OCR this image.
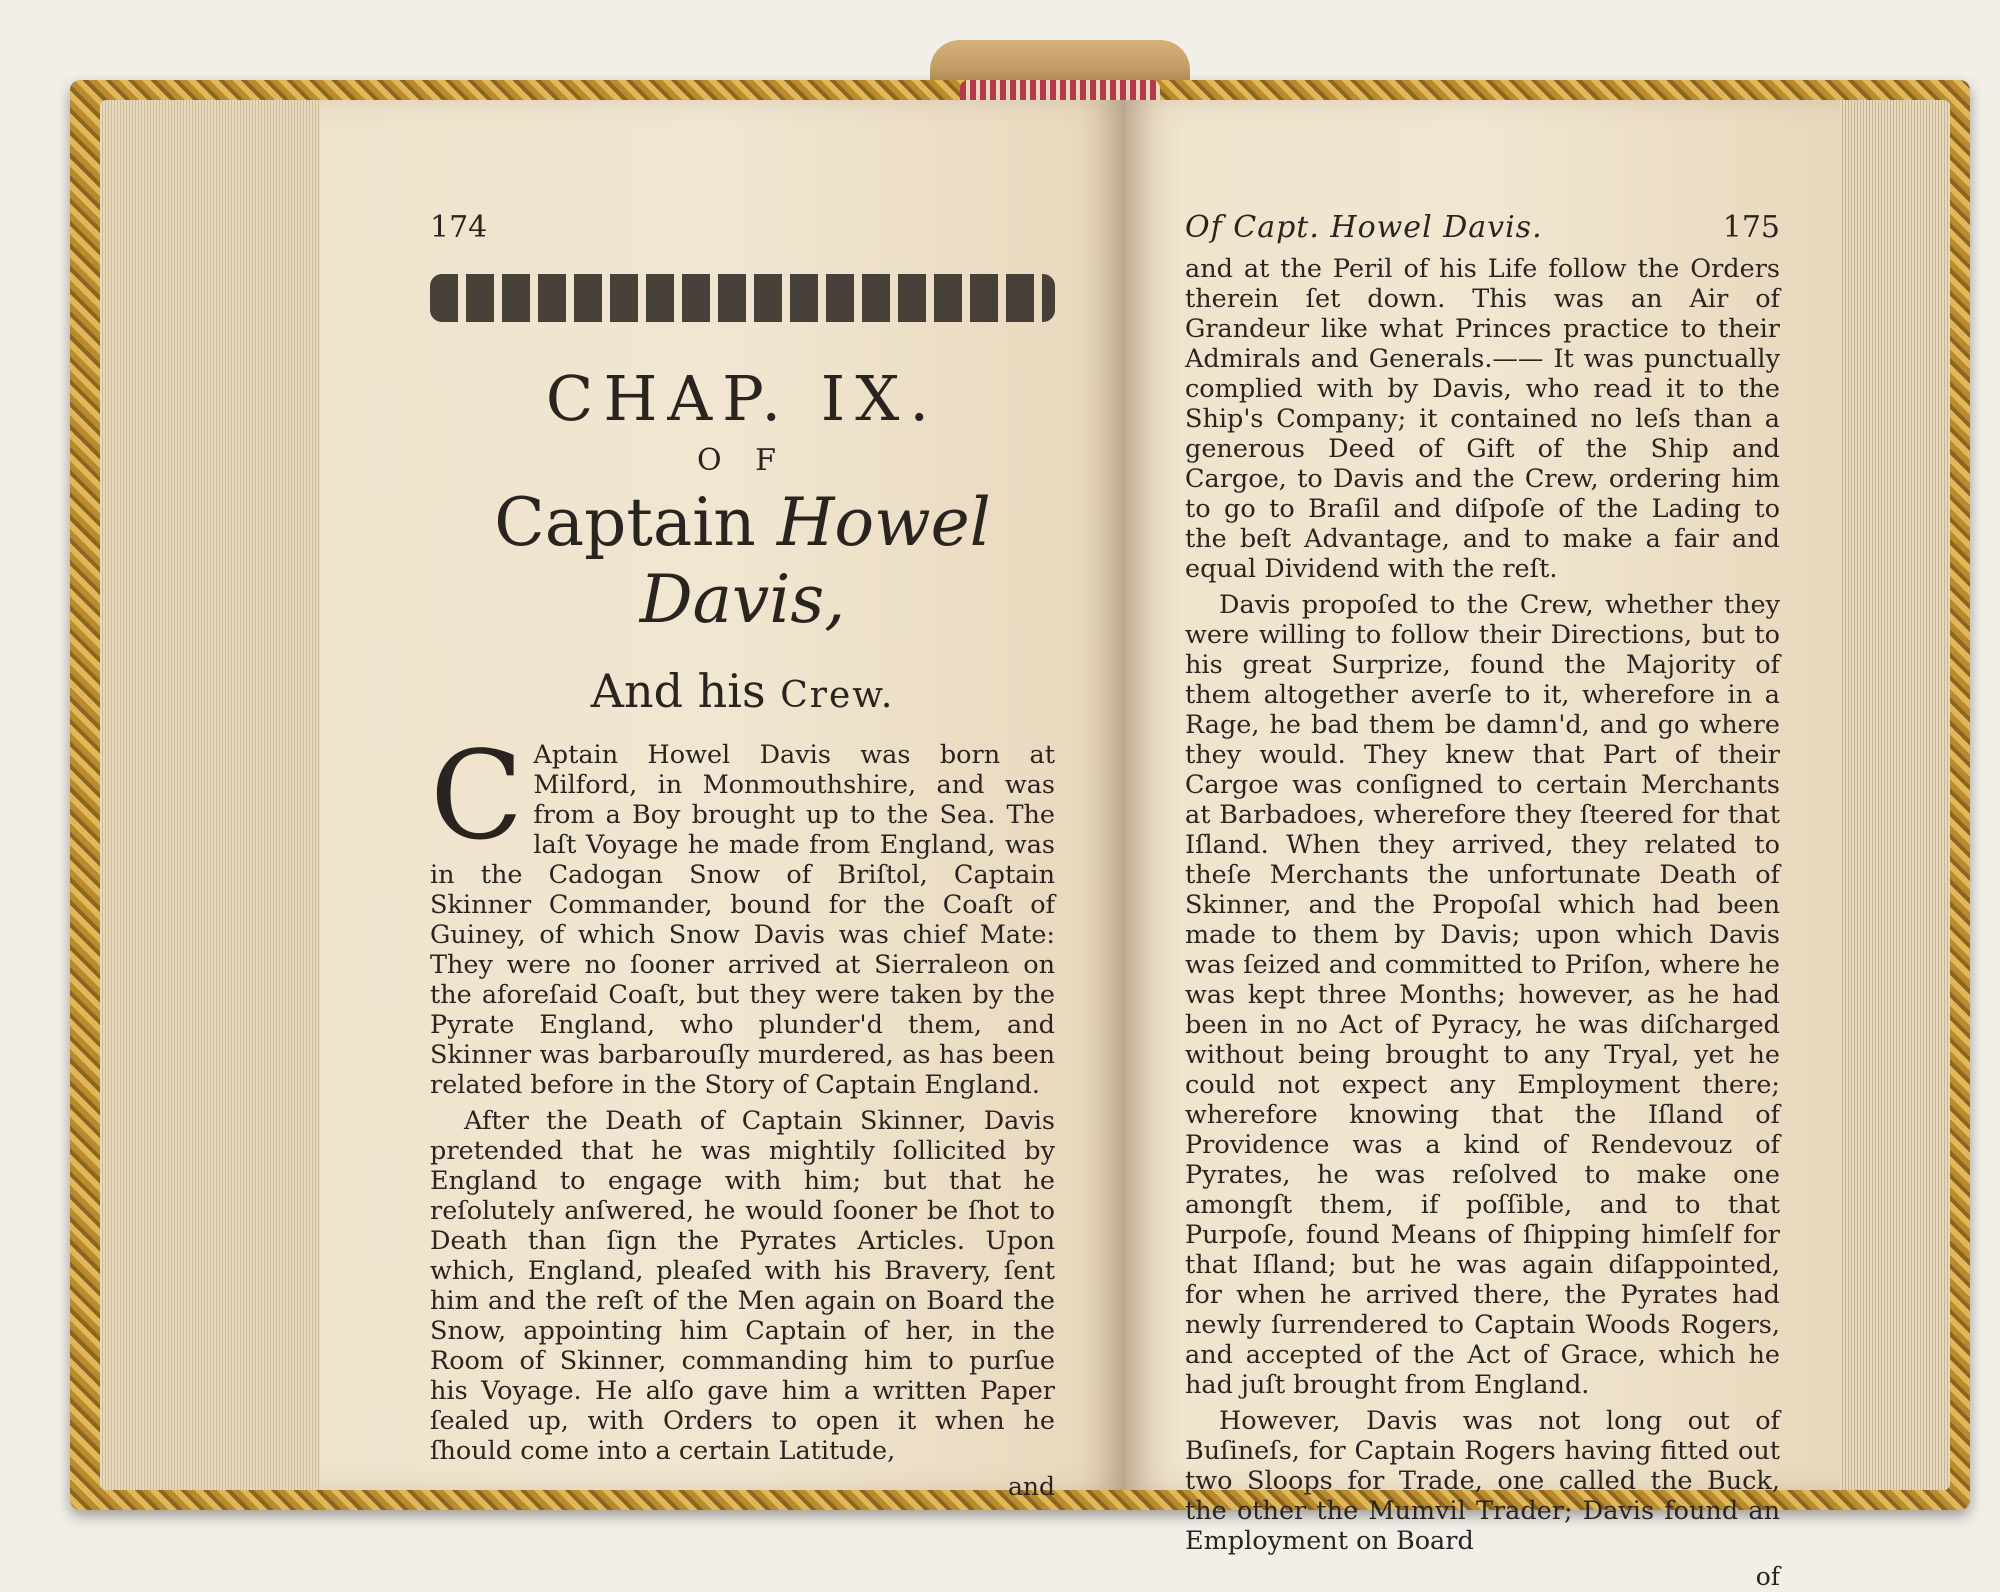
174
CHAP. IX.
O F
Captain Howel Davis,
And his Crew.

C Aptain Howel Davis was born at Milford, in Monmouthshire, and was from a Boy brought up to the Sea. The laſt Voyage he made from England, was in the Cadogan Snow of Briſtol, Captain Skinner Commander, bound for the Coaſt of Guiney, of which Snow Davis was chief Mate: They were no ſooner arrived at Sierraleon on the aforeſaid Coaſt, but they were taken by the Pyrate England, who plunder'd them, and Skinner was barbarouſly murdered, as has been related before in the Story of Captain England.

After the Death of Captain Skinner, Davis pretended that he was mightily ſollicited by England to engage with him; but that he reſolutely anſwered, he would ſooner be ſhot to Death than ſign the Pyrates Articles. Upon which, England, pleaſed with his Bravery, ſent him and the reſt of the Men again on Board the Snow, appointing him Captain of her, in the Room of Skinner, commanding him to purſue his Voyage. He alſo gave him a written Paper ſealed up, with Orders to open it when he ſhould come into a certain Latitude,

and
Of Capt. Howel Davis.	175

and at the Peril of his Life follow the Orders therein ſet down. This was an Air of Grandeur like what Princes practice to their Admirals and Generals.—— It was punctually complied with by Davis, who read it to the Ship's Company; it contained no leſs than a generous Deed of Gift of the Ship and Cargoe, to Davis and the Crew, ordering him to go to Braſil and diſpoſe of the Lading to the beſt Advantage, and to make a fair and equal Dividend with the reſt.

Davis propoſed to the Crew, whether they were willing to follow their Directions, but to his great Surprize, found the Majority of them altogether averſe to it, wherefore in a Rage, he bad them be damn'd, and go where they would. They knew that Part of their Cargoe was conſigned to certain Merchants at Barbadoes, wherefore they ſteered for that Iſland. When they arrived, they related to theſe Merchants the unfortunate Death of Skinner, and the Propoſal which had been made to them by Davis; upon which Davis was ſeized and committed to Priſon, where he was kept three Months; however, as he had been in no Act of Pyracy, he was diſcharged without being brought to any Tryal, yet he could not expect any Employment there; wherefore knowing that the Iſland of Providence was a kind of Rendevouz of Pyrates, he was reſolved to make one amongſt them, if poſſible, and to that Purpoſe, found Means of ſhipping himſelf for that Iſland; but he was again diſappointed, for when he arrived there, the Pyrates had newly ſurrendered to Captain Woods Rogers, and accepted of the Act of Grace, which he had juſt brought from England.

However, Davis was not long out of Buſineſs, for Captain Rogers having fitted out two Sloops for Trade, one called the Buck, the other the Mumvil Trader; Davis found an Employment on Board

of
